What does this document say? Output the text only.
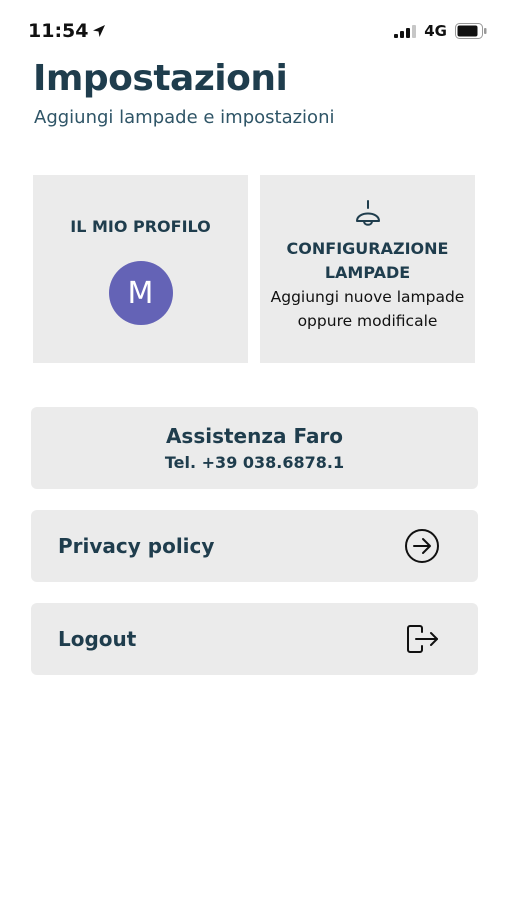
11:54	4G
Impostazioni
Aggiungi lampade e impostazioni
IL MIO PROFILO
M
CONFIGURAZIONE
LAMPADE
Aggiungi nuove lampade
oppure modificale
Assistenza Faro
Tel. +39 038.6878.1
Privacy policy
Logout
